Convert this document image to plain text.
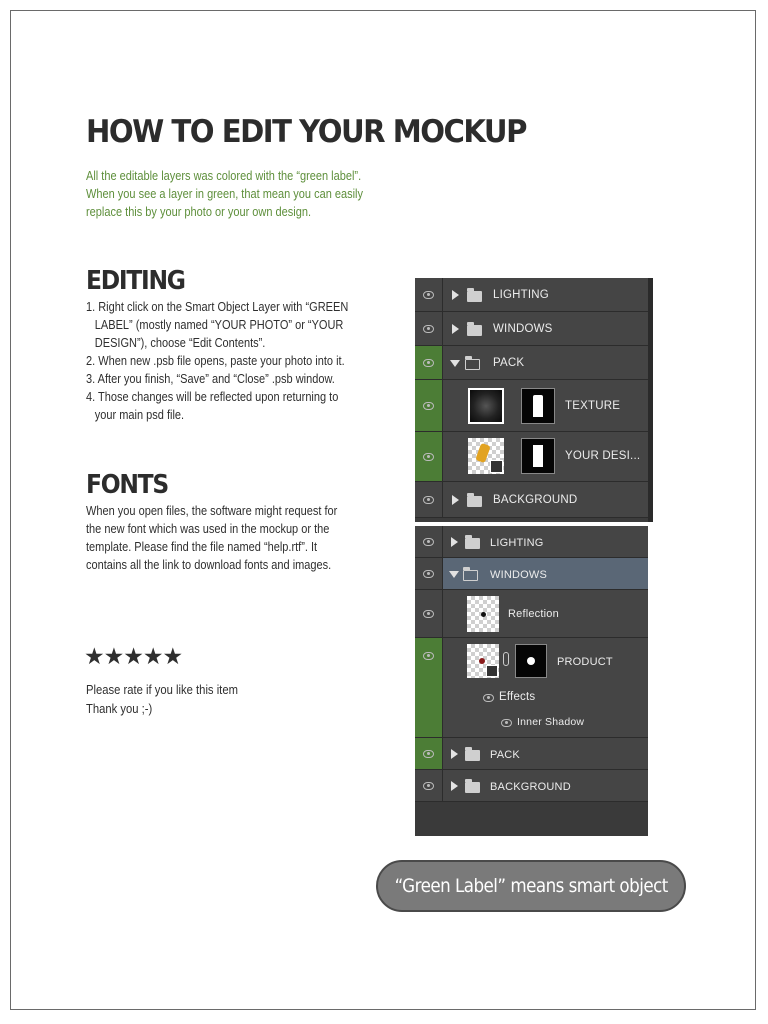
HOW TO EDIT YOUR MOCKUP
All the editable layers was colored with the “green label”.
When you see a layer in green, that mean you can easily
replace this by your photo or your own design.
EDITING
1. Right click on the Smart Object Layer with “GREEN
LABEL” (mostly named “YOUR PHOTO” or “YOUR
DESIGN”), choose “Edit Contents”.
2. When new .psb file opens, paste your photo into it.
3. After you finish, “Save” and “Close” .psb window.
4. Those changes will be reflected upon returning to
your main psd file.
FONTS
When you open files, the software might request for
the new font which was used in the mockup or the
template. Please find the file named “help.rtf”. It
contains all the link to download fonts and images.
★★★★★
Please rate if you like this item
Thank you ;-)
LIGHTING
WINDOWS
PACK
TEXTURE
YOUR DESI...
BACKGROUND
LIGHTING
WINDOWS
Reflection
PRODUCT
Effects
Inner Shadow
PACK
BACKGROUND
“Green Label” means smart object
